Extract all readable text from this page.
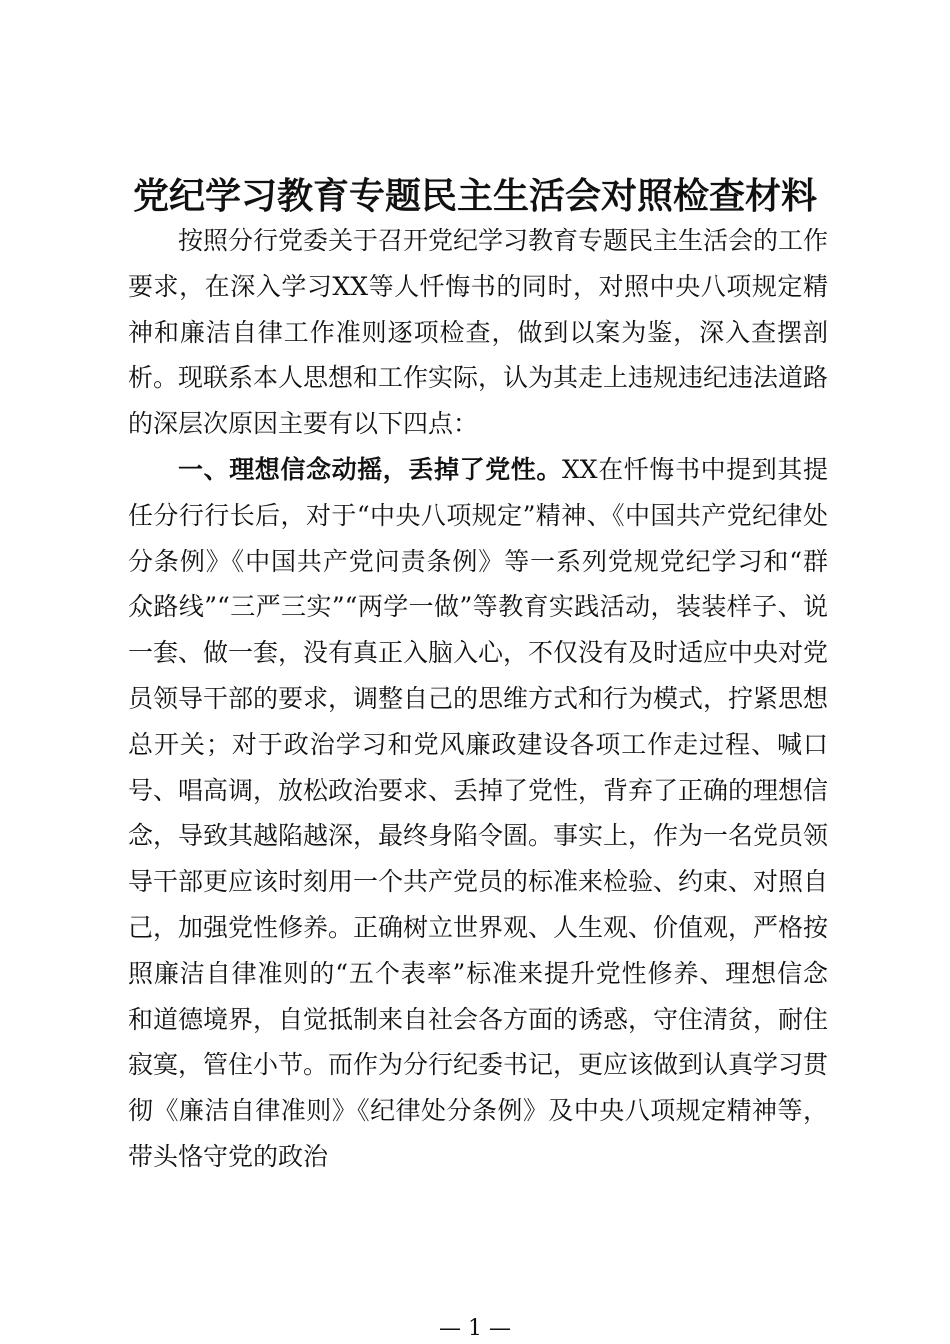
党纪学习教育专题民主生活会对照检查材料

按照分行党委关于召开党纪学习教育专题民主生活会的工作要求，在深入学习XX等人忏悔书的同时，对照中央八项规定精神和廉洁自律工作准则逐项检查，做到以案为鉴，深入查摆剖析。现联系本人思想和工作实际，认为其走上违规违纪违法道路的深层次原因主要有以下四点：

一、理想信念动摇，丢掉了党性。XX在忏悔书中提到其提任分行行长后，对于“中央八项规定”精神、《中国共产党纪律处分条例》《中国共产党问责条例》等一系列党规党纪学习和“群众路线”“三严三实”“两学一做”等教育实践活动，装装样子、说一套、做一套，没有真正入脑入心，不仅没有及时适应中央对党员领导干部的要求，调整自己的思维方式和行为模式，拧紧思想总开关；对于政治学习和党风廉政建设各项工作走过程、喊口号、唱高调，放松政治要求、丢掉了党性，背弃了正确的理想信念，导致其越陷越深，最终身陷令圄。事实上，作为一名党员领导干部更应该时刻用一个共产党员的标准来检验、约束、对照自己，加强党性修养。正确树立世界观、人生观、价值观，严格按照廉洁自律准则的“五个表率”标准来提升党性修养、理想信念和道德境界，自觉抵制来自社会各方面的诱惑，守住清贫，耐住寂寞，管住小节。而作为分行纪委书记，更应该做到认真学习贯彻《廉洁自律准则》《纪律处分条例》及中央八项规定精神等，带头恪守党的政治

— 1 —
